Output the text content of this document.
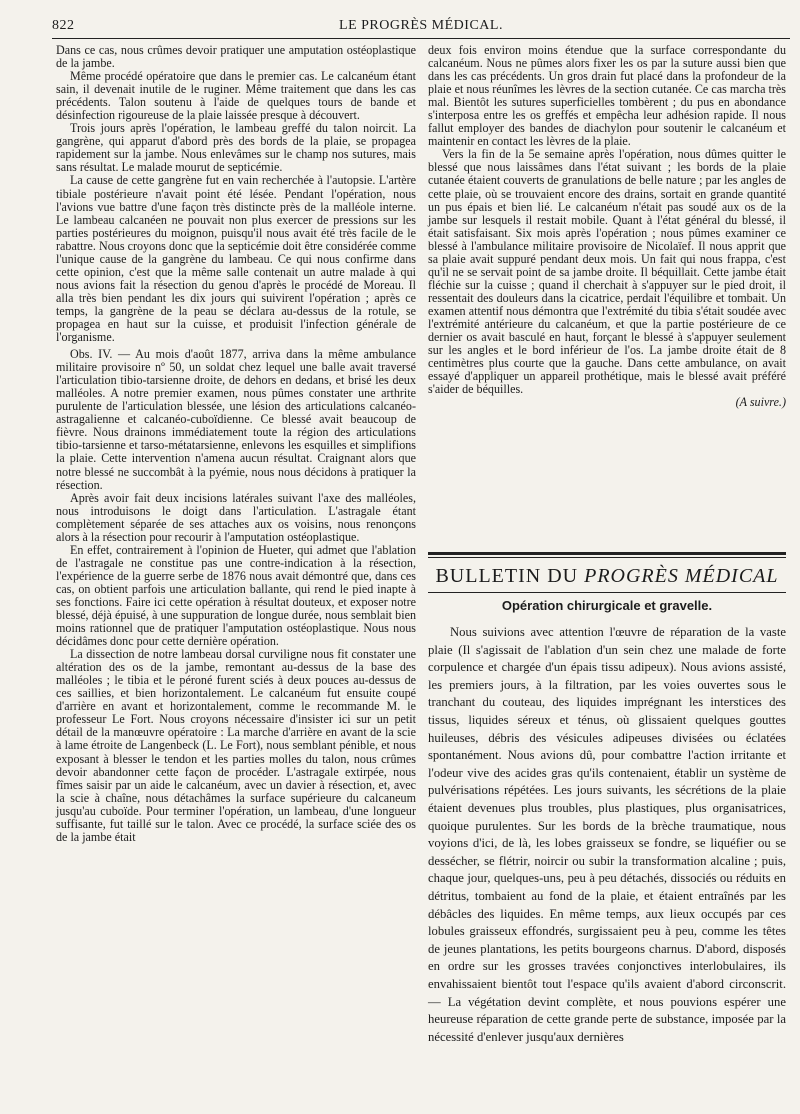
822	LE PROGRÈS MÉDICAL.

Dans ce cas, nous crûmes devoir pratiquer une amputation ostéoplastique de la jambe.

Même procédé opératoire que dans le premier cas. Le calcanéum étant sain, il devenait inutile de le ruginer. Même traitement que dans les cas précédents. Talon soutenu à l'aide de quelques tours de bande et désinfection rigoureuse de la plaie laissée presque à découvert.

Trois jours après l'opération, le lambeau greffé du talon noircit. La gangrène, qui apparut d'abord près des bords de la plaie, se propagea rapidement sur la jambe. Nous enlevâmes sur le champ nos sutures, mais sans résultat. Le malade mourut de septicémie.

La cause de cette gangrène fut en vain recherchée à l'autopsie. L'artère tibiale postérieure n'avait point été lésée. Pendant l'opération, nous l'avions vue battre d'une façon très distincte près de la malléole interne. Le lambeau calcanéen ne pouvait non plus exercer de pressions sur les parties postérieures du moignon, puisqu'il nous avait été très facile de le rabattre. Nous croyons donc que la septicémie doit être considérée comme l'unique cause de la gangrène du lambeau. Ce qui nous confirme dans cette opinion, c'est que la même salle contenait un autre malade à qui nous avions fait la résection du genou d'après le procédé de Moreau. Il alla très bien pendant les dix jours qui suivirent l'opération ; après ce temps, la gangrène de la peau se déclara au-dessus de la rotule, se propagea en haut sur la cuisse, et produisit l'infection générale de l'organisme.

Obs. IV. — Au mois d'août 1877, arriva dans la même ambulance militaire provisoire nº 50, un soldat chez lequel une balle avait traversé l'articulation tibio-tarsienne droite, de dehors en dedans, et brisé les deux malléoles. A notre premier examen, nous pûmes constater une arthrite purulente de l'articulation blessée, une lésion des articulations calcanéo-astragalienne et calcanéo-cuboïdienne. Ce blessé avait beaucoup de fièvre. Nous drainons immédiatement toute la région des articulations tibio-tarsienne et tarso-métatarsienne, enlevons les esquilles et simplifions la plaie. Cette intervention n'amena aucun résultat. Craignant alors que notre blessé ne succombât à la pyémie, nous nous décidons à pratiquer la résection.

Après avoir fait deux incisions latérales suivant l'axe des malléoles, nous introduisons le doigt dans l'articulation. L'astragale étant complètement séparée de ses attaches aux os voisins, nous renonçons alors à la résection pour recourir à l'amputation ostéoplastique.

En effet, contrairement à l'opinion de Hueter, qui admet que l'ablation de l'astragale ne constitue pas une contre-indication à la résection, l'expérience de la guerre serbe de 1876 nous avait démontré que, dans ces cas, on obtient parfois une articulation ballante, qui rend le pied inapte à ses fonctions. Faire ici cette opération à résultat douteux, et exposer notre blessé, déjà épuisé, à une suppuration de longue durée, nous semblait bien moins rationnel que de pratiquer l'amputation ostéoplastique. Nous nous décidâmes donc pour cette dernière opération.

La dissection de notre lambeau dorsal curviligne nous fit constater une altération des os de la jambe, remontant au-dessus de la base des malléoles ; le tibia et le péroné furent sciés à deux pouces au-dessus de ces saillies, et bien horizontalement. Le calcanéum fut ensuite coupé d'arrière en avant et horizontalement, comme le recommande M. le professeur Le Fort. Nous croyons nécessaire d'insister ici sur un petit détail de la manœuvre opératoire : La marche d'arrière en avant de la scie à lame étroite de Langenbeck (L. Le Fort), nous semblant pénible, et nous exposant à blesser le tendon et les parties molles du talon, nous crûmes devoir abandonner cette façon de procéder. L'astragale extirpée, nous fîmes saisir par un aide le calcanéum, avec un davier à résection, et, avec la scie à chaîne, nous détachâmes la surface supérieure du calcaneum jusqu'au cuboïde. Pour terminer l'opération, un lambeau, d'une longueur suffisante, fut taillé sur le talon. Avec ce procédé, la surface sciée des os de la jambe était

deux fois environ moins étendue que la surface correspondante du calcanéum. Nous ne pûmes alors fixer les os par la suture aussi bien que dans les cas précédents. Un gros drain fut placé dans la profondeur de la plaie et nous réunîmes les lèvres de la section cutanée. Ce cas marcha très mal. Bientôt les sutures superficielles tombèrent ; du pus en abondance s'interposa entre les os greffés et empêcha leur adhésion rapide. Il nous fallut employer des bandes de diachylon pour soutenir le calcanéum et maintenir en contact les lèvres de la plaie.

Vers la fin de la 5e semaine après l'opération, nous dûmes quitter le blessé que nous laissâmes dans l'état suivant ; les bords de la plaie cutanée étaient couverts de granulations de belle nature ; par les angles de cette plaie, où se trouvaient encore des drains, sortait en grande quantité un pus épais et bien lié. Le calcanéum n'était pas soudé aux os de la jambe sur lesquels il restait mobile. Quant à l'état général du blessé, il était satisfaisant. Six mois après l'opération ; nous pûmes examiner ce blessé à l'ambulance militaire provisoire de Nicolaïef. Il nous apprit que sa plaie avait suppuré pendant deux mois. Un fait qui nous frappa, c'est qu'il ne se servait point de sa jambe droite. Il béquillait. Cette jambe était fléchie sur la cuisse ; quand il cherchait à s'appuyer sur le pied droit, il ressentait des douleurs dans la cicatrice, perdait l'équilibre et tombait. Un examen attentif nous démontra que l'extrémité du tibia s'était soudée avec l'extrémité antérieure du calcanéum, et que la partie postérieure de ce dernier os avait basculé en haut, forçant le blessé à s'appuyer seulement sur les angles et le bord inférieur de l'os. La jambe droite était de 8 centimètres plus courte que la gauche. Dans cette ambulance, on avait essayé d'appliquer un appareil prothétique, mais le blessé avait préféré s'aider de béquilles.

(A suivre.)

BULLETIN DU PROGRÈS MÉDICAL
Opération chirurgicale et gravelle.

Nous suivions avec attention l'œuvre de réparation de la vaste plaie (Il s'agissait de l'ablation d'un sein chez une malade de forte corpulence et chargée d'un épais tissu adipeux). Nous avions assisté, les premiers jours, à la filtration, par les voies ouvertes sous le tranchant du couteau, des liquides imprégnant les interstices des tissus, liquides séreux et ténus, où glissaient quelques gouttes huileuses, débris des vésicules adipeuses divisées ou éclatées spontanément. Nous avions dû, pour combattre l'action irritante et l'odeur vive des acides gras qu'ils contenaient, établir un système de pulvérisations répétées. Les jours suivants, les sécrétions de la plaie étaient devenues plus troubles, plus plastiques, plus organisatrices, quoique purulentes. Sur les bords de la brèche traumatique, nous voyions d'ici, de là, les lobes graisseux se fondre, se liquéfier ou se dessécher, se flétrir, noircir ou subir la transformation alcaline ; puis, chaque jour, quelques-uns, peu à peu détachés, dissociés ou réduits en détritus, tombaient au fond de la plaie, et étaient entraînés par les débâcles des liquides. En même temps, aux lieux occupés par ces lobules graisseux effondrés, surgissaient peu à peu, comme les têtes de jeunes plantations, les petits bourgeons charnus. D'abord, disposés en ordre sur les grosses travées conjonctives interlobulaires, ils envahissaient bientôt tout l'espace qu'ils avaient d'abord circonscrit. — La végétation devint complète, et nous pouvions espérer une heureuse réparation de cette grande perte de substance, imposée par la nécessité d'enlever jusqu'aux dernières
